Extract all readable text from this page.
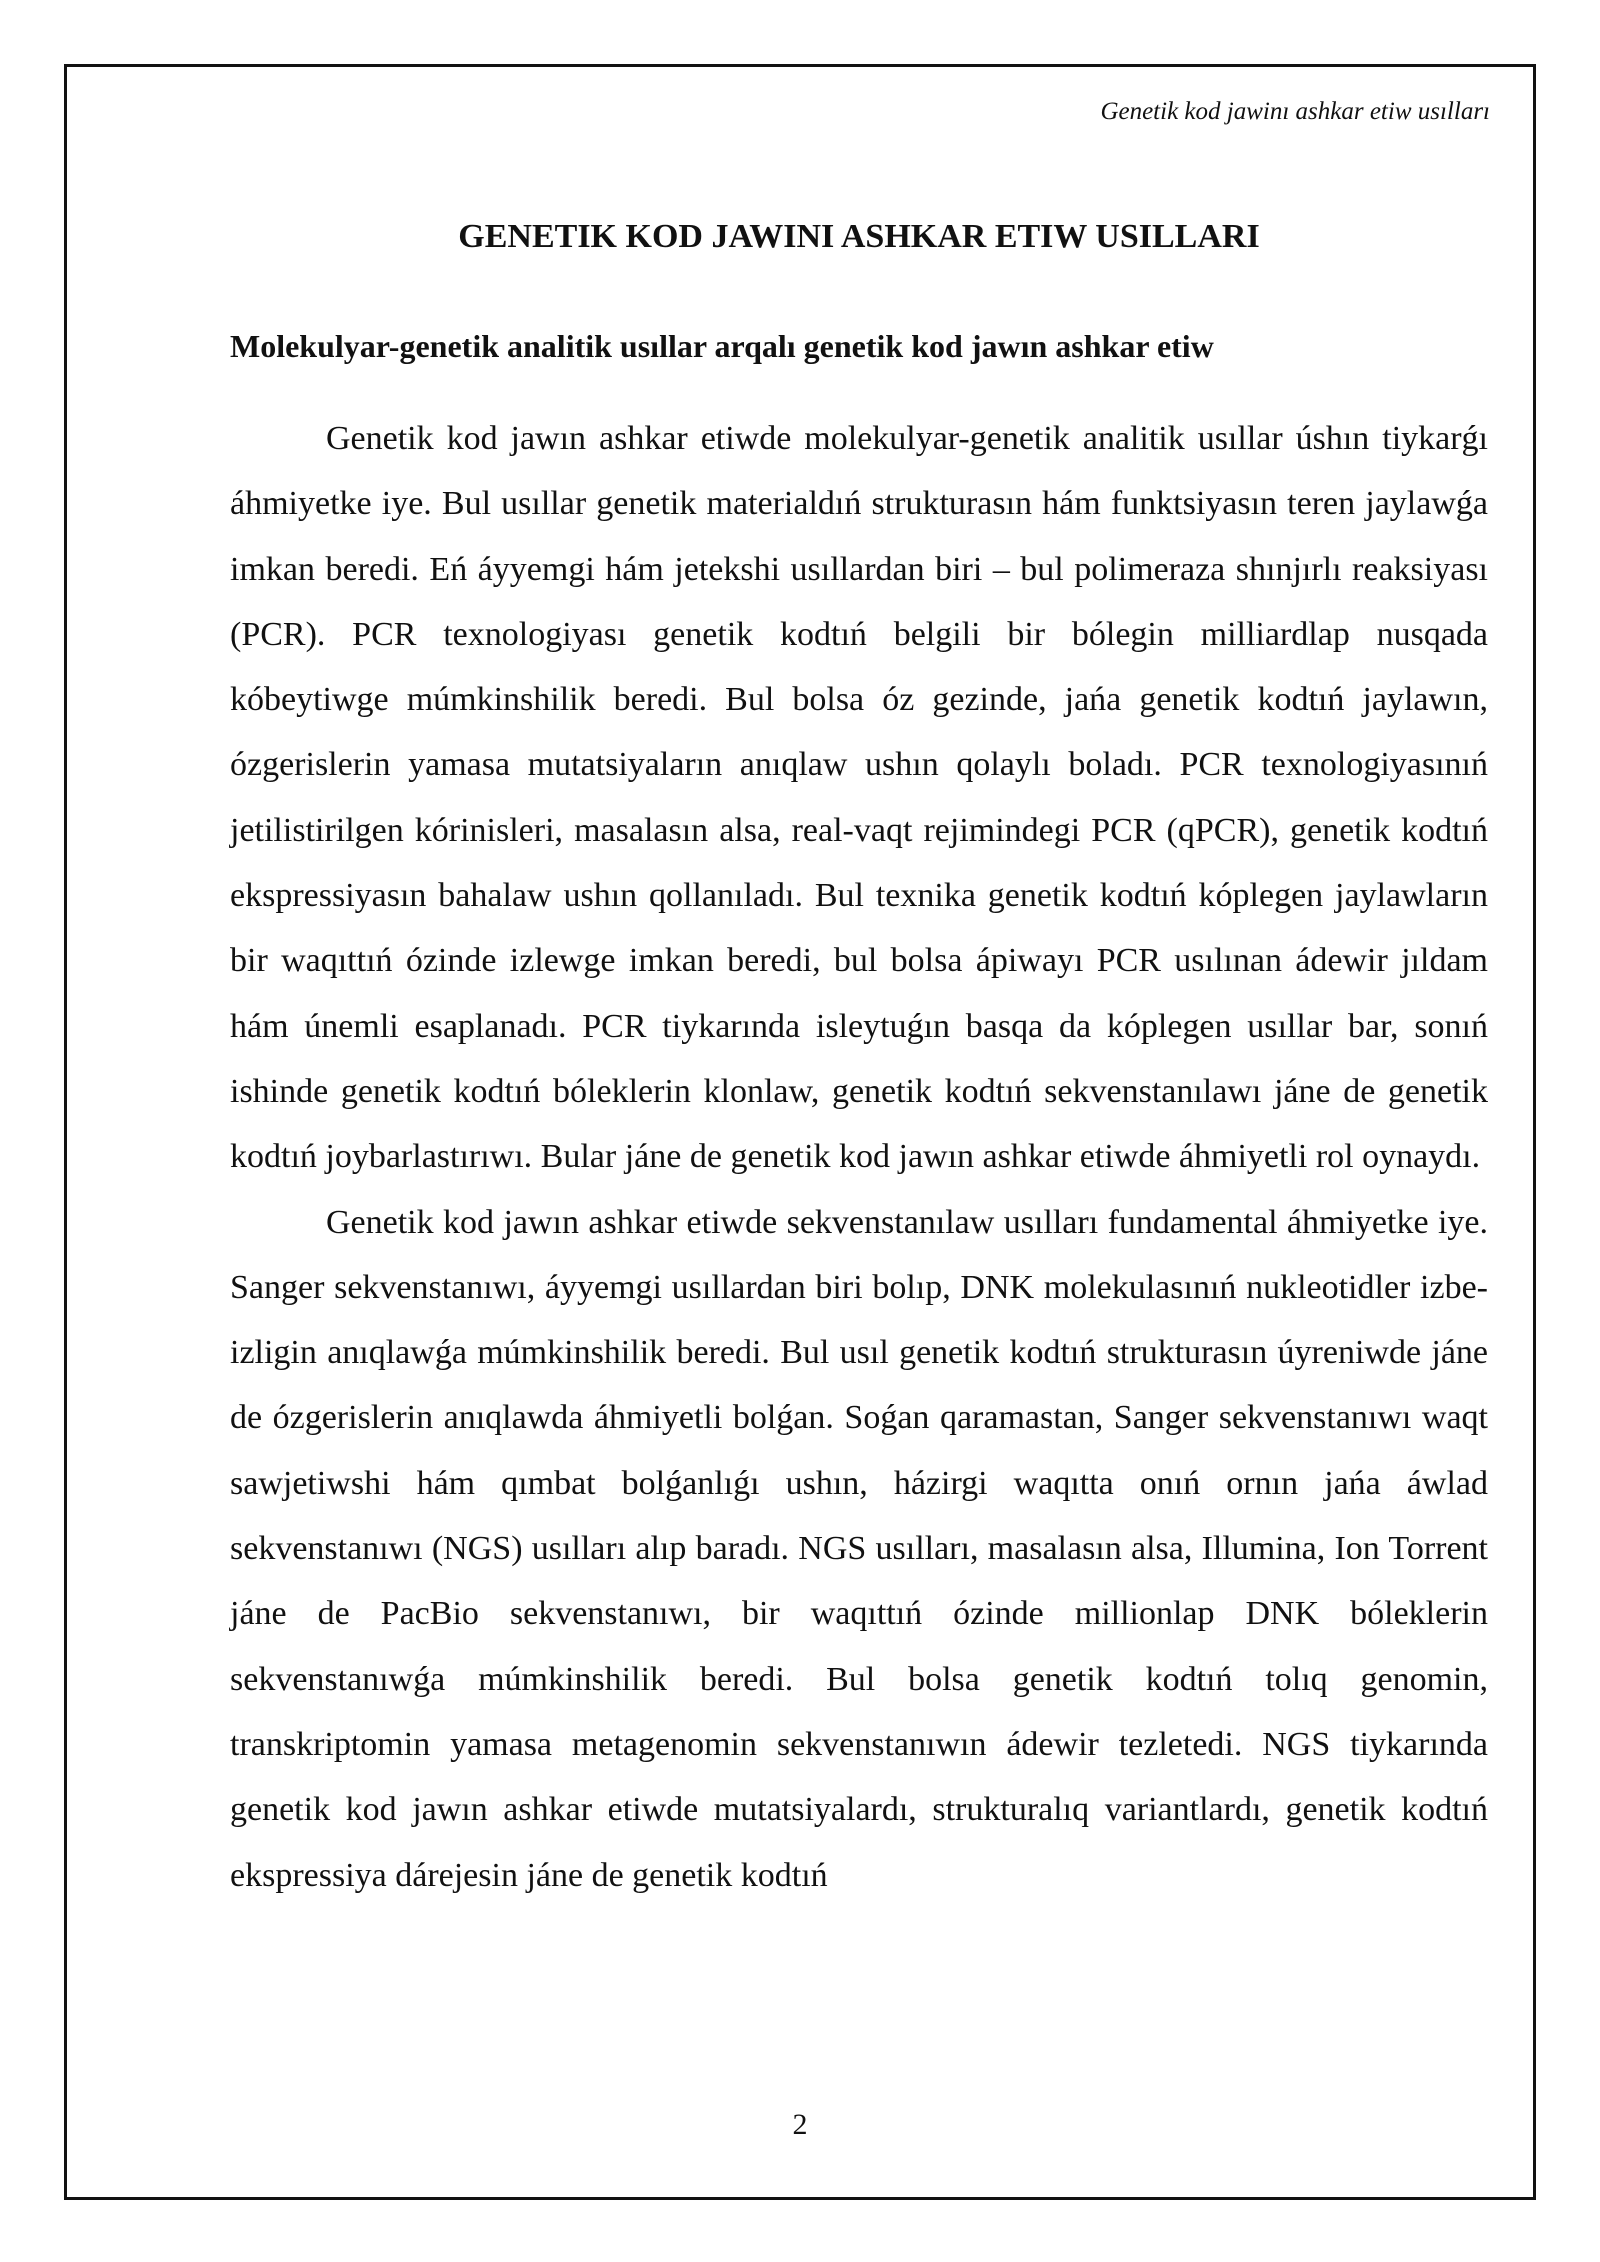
Genetik kod jawinı ashkar etiw usılları

GENETIK KOD JAWINI ASHKAR ETIW USILLARI
Molekulyar-genetik analitik usıllar arqalı genetik kod jawın ashkar etiw

Genetik kod jawın ashkar etiwde molekulyar-genetik analitik usıllar úshın tiykarǵı áhmiyetke iye. Bul usıllar genetik materialdıń strukturasın hám funktsiyasın teren jaylawǵa imkan beredi. Eń áyyemgi hám jetekshi usıllardan biri – bul polimeraza shınjırlı reaksiyası (PCR). PCR texnologiyası genetik kodtıń belgili bir bólegin milliardlap nusqada kóbeytiwge múmkinshilik beredi. Bul bolsa óz gezinde, jańa genetik kodtıń jaylawın, ózgerislerin yamasa mutatsiyaların anıqlaw ushın qolaylı boladı. PCR texnologiyasınıń jetilistirilgen kórinisleri, masalasın alsa, real-vaqt rejimindegi PCR (qPCR), genetik kodtıń ekspressiyasın bahalaw ushın qollanıladı. Bul texnika genetik kodtıń kóplegen jaylawların bir waqıttıń ózinde izlewge imkan beredi, bul bolsa ápiwayı PCR usılınan ádewir jıldam hám únemli esaplanadı. PCR tiykarında isleytuǵın basqa da kóplegen usıllar bar, sonıń ishinde genetik kodtıń bóleklerin klonlaw, genetik kodtıń sekvenstanılawı jáne de genetik kodtıń joybarlastırıwı. Bular jáne de genetik kod jawın ashkar etiwde áhmiyetli rol oynaydı.

Genetik kod jawın ashkar etiwde sekvenstanılaw usılları fundamental áhmiyetke iye. Sanger sekvenstanıwı, áyyemgi usıllardan biri bolıp, DNK molekulasınıń nukleotidler izbe-izligin anıqlawǵa múmkinshilik beredi. Bul usıl genetik kodtıń strukturasın úyreniwde jáne de ózgerislerin anıqlawda áhmiyetli bolǵan. Soǵan qaramastan, Sanger sekvenstanıwı waqt sawjetiwshi hám qımbat bolǵanlıǵı ushın, házirgi waqıtta onıń ornın jańa áwlad sekvenstanıwı (NGS) usılları alıp baradı. NGS usılları, masalasın alsa, Illumina, Ion Torrent jáne de PacBio sekvenstanıwı, bir waqıttıń ózinde millionlap DNK bóleklerin sekvenstanıwǵa múmkinshilik beredi. Bul bolsa genetik kodtıń tolıq genomin, transkriptomin yamasa metagenomin sekvenstanıwın ádewir tezletedi. NGS tiykarında genetik kod jawın ashkar etiwde mutatsiyalardı, strukturalıq variantlardı, genetik kodtıń ekspressiya dárejesin jáne de genetik kodtıń

2
